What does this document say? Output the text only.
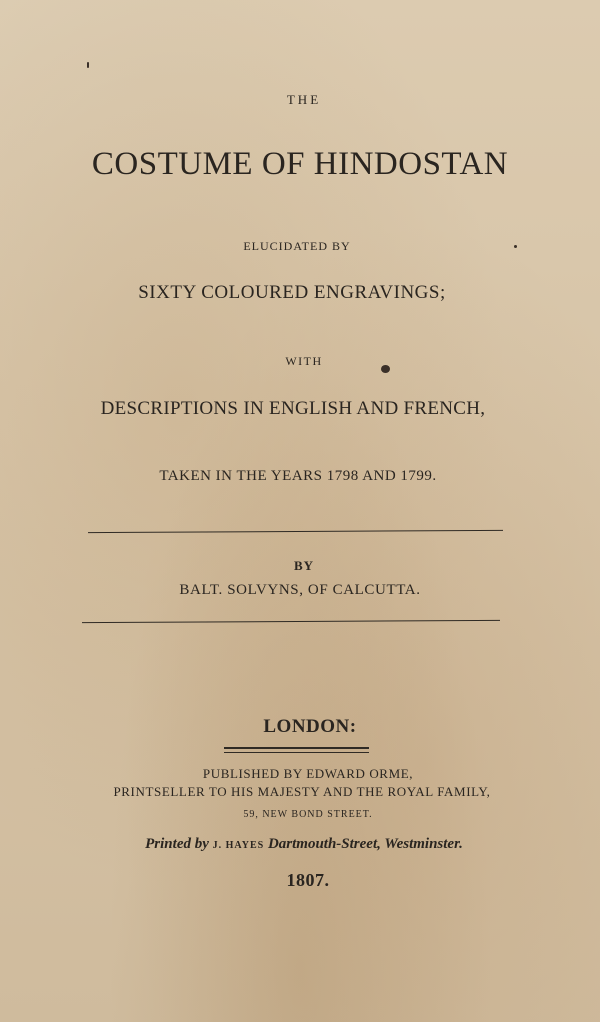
THE
COSTUME OF HINDOSTAN
ELUCIDATED BY
SIXTY COLOURED ENGRAVINGS;
WITH
DESCRIPTIONS IN ENGLISH AND FRENCH,
TAKEN IN THE YEARS 1798 AND 1799.
BY
BALT. SOLVYNS, OF CALCUTTA.
LONDON:
PUBLISHED BY EDWARD ORME,
PRINTSELLER TO HIS MAJESTY AND THE ROYAL FAMILY,
59, NEW BOND STREET.
Printed by J. HAYES Dartmouth-Street, Westminster.
1807.
